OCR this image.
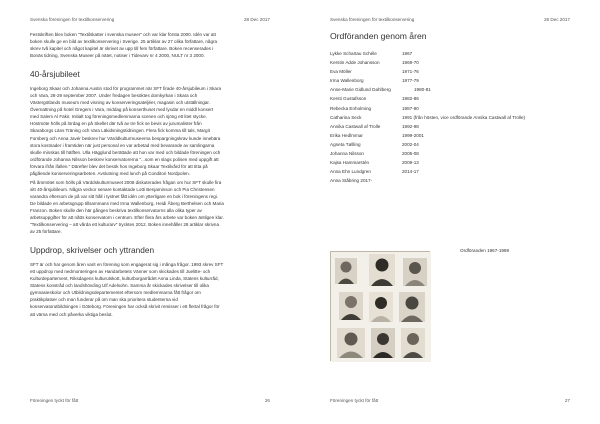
Svenska föreningen för textilkonservering	28 Dec 2017

Festskriften blev boken "Textilskatter i svenska museer" och var klar första 2000. Idén var att
boken skulle ge en bild av textilkonservering i Sverige. 25 artiklar av 27 olika författare, några
skrev två kapitel och något kapitel är skrivet av upp till fem författare. Boken recenserades i
Bonäs tidning, Svenska Museer på nätet, notiser i Tidevarv nr 4 2000, NULT nr 3 2000.

40-årsjubileet

Ingeborg Skaar och Johanna Austin stod för programmet när SFT firade 40-årsjubileum i Skara
och Vara, 28-29 september 2007. Under fredagen besöktes domkyrkan i Skara och
Västergötlands museum med visning av konserveringsateljéer, magasin och utställningar.
Övernattning på hotel Gregers i Vara, middag på konserthuset med lyxdar en middl konsert
med Salem Al Fakir. Initialt tog föreningsmedlemmarna scenen och sjöng ett litet stycke.
Höstmöte hölls på lördag en på Skellet där två av tre fick se bevis av jurumalister från
Skaraborgs Läns Träning och Vara Läkidsningstidningen. Flera fick komma till tals, Margit
Forsberg och Anna Javér beskrev hur Värddkulturmuseerna bespargningskrav kunde innebära
stora kostnader i framtiden när just personal en var arbetad med bevarande av samlingarna
skulle minskas till hälften. Ulla Hägglund berättade att hon var med och bildade föreningen och
ordförande Johanna Nilsson beskrev konservatorerna "...som en slags polisen med uppgift att
förvara ifrån ifallen." Därefter blev det besök hos Ingeborg Skaar Textilvård för att titta på
pågående konserveringsarbeten. Avslutning med lunch på Conditori Nordpolen.

På årsmötet som hölls på Värddskulturmuseet 2008 diskuterades frågan om hur SFT skulle fira
sitt 40-årsjubileum. Några veckor senare kontaktade Lotti Benjaminson och Pia Christensen
varandra eftersom de på var sitt håll i tystnet fått idén om ytterligare en bok i föreningens regi.
De bildade en arbetsgrupp tillsammans med Irma Wallenborg, Heidi Åberg Berthelsen och Maria
Franzon. Boken skulle den här gången beskriva textilkonservatorns alla olika typer av
arbetsuppgifter för att nåtts konservatorn i centrum. Efter flera års arbete var boken äntligen klar.
"Textilkonservering – att vårda ett kulturarv" trycktes 2012. Boken innehåller 28 artiklar skrivna
av 25 författare.

Uppdrop, skrivelser och yttranden

SFT är och har genom åren varit en förening som engagerat sig i många frågor. 1993 skrev SFT
ett uppdrop med nedmonteringen av Handarbetets Vänner som skickades till Juelitte- och
Kulturdepartement, Riksdagens kulturutskott, kulturborgarrådet Anna Linda, Statens kulturråd,
Statens konstråd och landshövding Ulf Adelsohn. Samma år skickades skrivelser till olika
gymnasieskolor och Utbildningsdepartementet eftersom medlemmarna fått frågor om
praktikplatser och man funderar på om man ska prioritera studenterna vid
konservatorutbildningen i Göteborg. Föreningen har också skrivit remisser i ett flertal frågor för
att värna med och påverka viktiga beslut.

Föreningen tyckt för fått	26
Svenska föreningen för textilkonservering	28 Dec 2017
Ordföranden genom åren
Lykke Schartau Schéle	1967
Kerstin Adde Johansson	1969-70
Eva Möller	1971-76
Irma Wallenborg	1977-79
Anne-Marie Gidlund Dahlberg	1980-81
Kersti Gustafsson	1982-86
Rebecka Enholming	1987-90
Catharina Seck	1991 (från hösten, vice ordförande Annika Castwall af Trolle)
Annika Castwall af Trolle	1992-98
Erika Hedlmmar	1999-2001
Agneta Tøllling	2002-04
Johanna Nilsson	2005-08
Kajsa Hammarstén	2009-13
Anna Ehn Lundgren	2014-17
Anna Ståbring 2017-	
Ordföranden 1967-1998
Föreningen tyckt för fått	27
